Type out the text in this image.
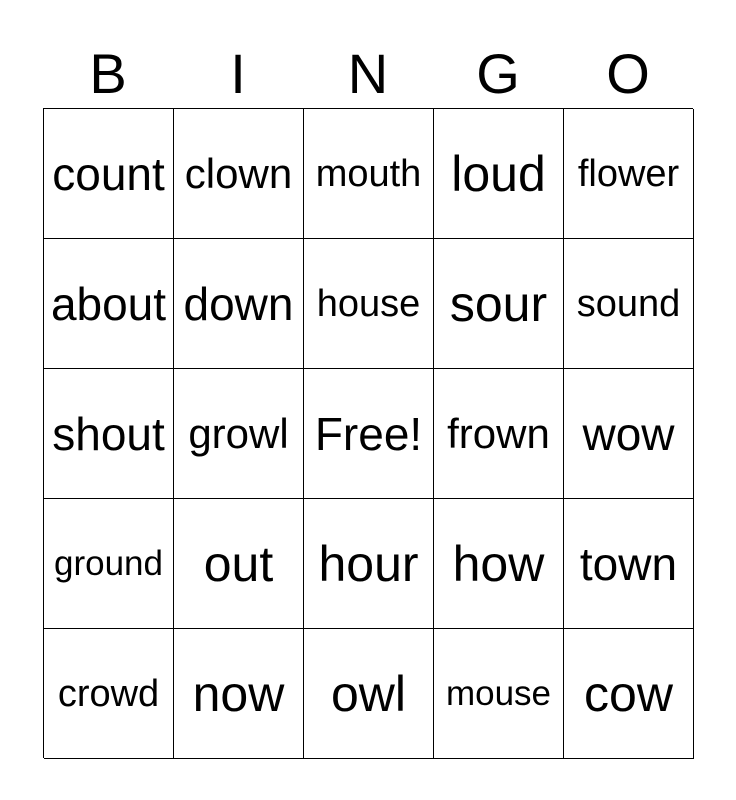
B	I	N	G	O
count clown mouth loud flower
about down house sour sound
shout growl Free! frown wow
ground out hour how town
crowd now owl	mouse cow
